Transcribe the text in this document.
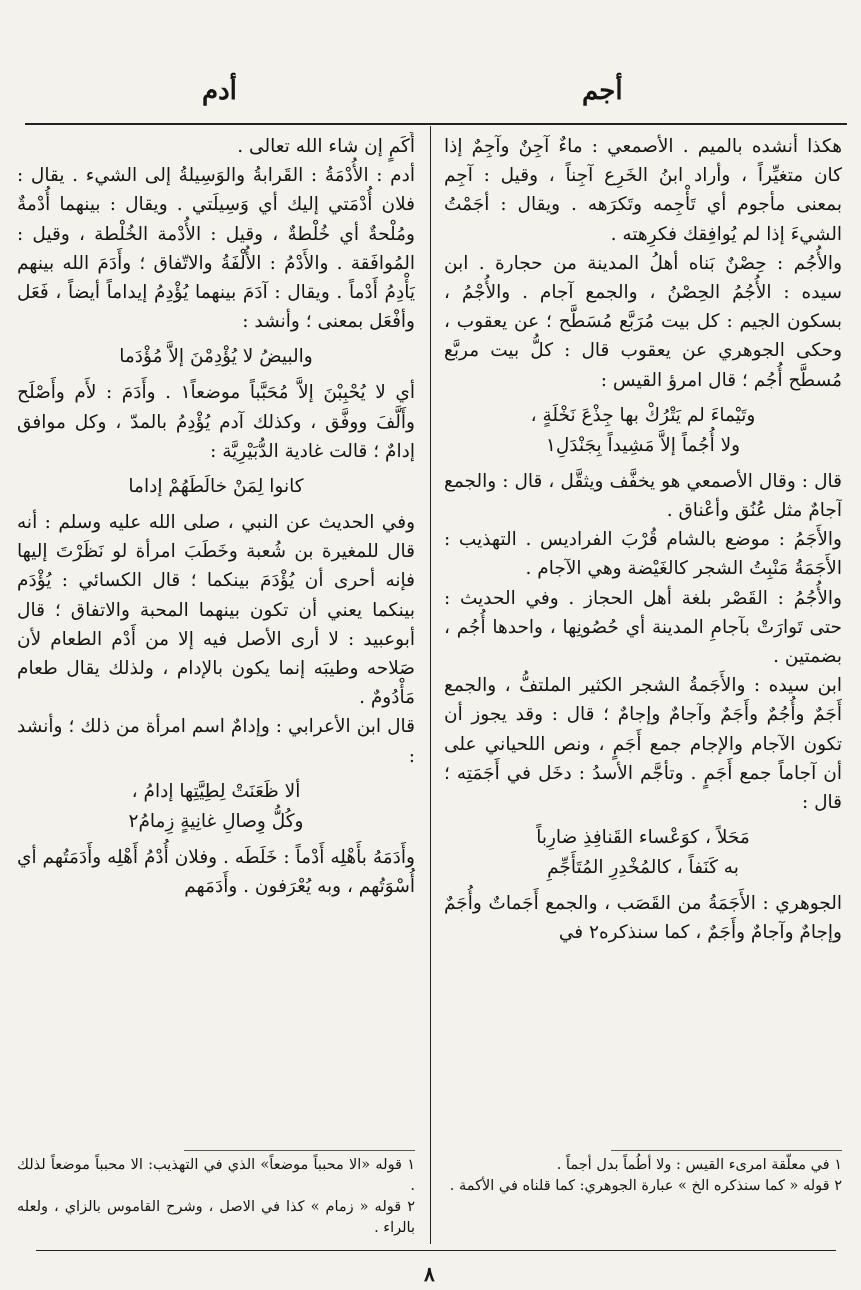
أجم
أدم

هكذا أنشده بالميم . الأصمعي : ماءٌ آجِنٌ وآجِمٌ إذا كان متغيِّراً ، وأراد ابنُ الخَرِع آجِناً ، وقيل : آجِم بمعنى مأجوم أي تَأْجِمه وتَكرَهه . ويقال : أجَمْتُ الشيءَ إذا لم يُوافِقك فكرِهته .

والأُجُم : حِصْنٌ بَناه أهلُ المدينة من حجارة . ابن سيده : الأُجُمُ الحِصْنُ ، والجمع آجام . والأُجْمُ ، بسكون الجيم : كل بيت مُرَبَّع مُسَطَّح ؛ عن يعقوب ، وحكى الجوهري عن يعقوب قال : كلُّ بيت مربَّع مُسطَّح أُجُم ؛ قال امرؤ القيس :

وتَيْماءَ لم يَتْرُكْ بها جِذْعَ نَخْلَةٍ ،
ولا أُجُماً إلاَّ مَشِيداً بِجَنْدَلِ١

قال : وقال الأصمعي هو يخفَّف ويثقَّل ، قال : والجمع آجامٌ مثل عُنُق وأعْناق .

والأَجَمُ : موضع بالشام قُرْبَ الفراديس . التهذيب : الأَجَمَةُ مَنْبِتُ الشجر كالغَيْضة وهي الآجام .

والأُجُمُ : القَصْر بلغة أهل الحجاز . وفي الحديث : حتى تَوارَتْ بآجامِ المدينة أي حُصُونِها ، واحدها أُجُم ، بضمتين .

ابن سيده : والأَجَمةُ الشجر الكثير الملتفُّ ، والجمع أَجَمٌ وأُجُمٌ وأَجَمٌ وآجامٌ وإجامٌ ؛ قال : وقد يجوز أن تكون الآجام والإجام جمع أَجَمٍ ، ونص اللحياني على أن آجاماً جمع أَجَمٍ . وتأجَّم الأسدُ : دخَل في أَجَمَتِه ؛ قال :

مَحَلاً ، كوَعْساء القَنافِذِ ضارِباً
به كَنَفاً ، كالمُخْدِرِ المُتَأَجِّمِ

الجوهري : الأَجَمَةُ من القَصَب ، والجمع أَجَماتٌ وأُجَمٌ وإجامٌ وآجامٌ وأَجَمٌ ، كما سنذكره٢ في

١ في معلّقة امرىء القيس : ولا أطُماً بدل أجماً .
٢ قوله « كما سنذكره الخ » عبارة الجوهري: كما قلناه في الأكمة .

أَكَمٍ إن شاء الله تعالى .

أدم : الأُدْمَةُ : القَرابةُ والوَسِيلةُ إلى الشيء . يقال : فلان أُدْمَتي إليك أي وَسِيلَتي . ويقال : بينهما أُدْمةٌ ومُلْحةٌ أي خُلْطةٌ ، وقيل : الأُدْمة الخُلْطة ، وقيل : المُوافَقة . والأَدْمُ : الأُلْفَةُ والاتّفاق ؛ وأَدَمَ الله بينهم يَأْدِمُ أَدْماً . ويقال : آدَمَ بينهما يُؤْدِمُ إيداماً أيضاً ، فَعَل وأفْعَل بمعنى ؛ وأنشد :

والبيضُ لا يُؤْدِمْنَ إلاَّ مُؤْدَما

أي لا يُحْبِبْنَ إلاَّ مُحَبَّباً موضعاً١ . وأَدَمَ : لأَم وأَصْلَح وأَلَّفَ ووفَّق ، وكذلك آدم يُؤْدِمُ بالمدّ ، وكل موافق إدامٌ ؛ قالت غادية الدُّبَيْرِيَّة :

كانوا لِمَنْ خالَطَهُمْ إداما

وفي الحديث عن النبي ، صلى الله عليه وسلم : أنه قال للمغيرة بن شُعبة وخَطَبَ امرأة لو نَظَرْتَ إليها فإنه أحرى أن يُؤْدَمَ بينكما ؛ قال الكسائي : يُؤْدَم بينكما يعني أن تكون بينهما المحبة والاتفاق ؛ قال أبوعبيد : لا أرى الأصل فيه إلا من أَدْم الطعام لأن صَلاحه وطيبَه إنما يكون بالإدام ، ولذلك يقال طعام مَأْدُومٌ .

قال ابن الأعرابي : وإدامٌ اسم امرأة من ذلك ؛ وأنشد :

ألا ظَعَنَتْ لِطِيَّتِها إدامُ ،
وكُلُّ وِصالِ غانِيةٍ زِمامُ٢

وأَدَمَهُ بأَهْلِه أَدْماً : خَلَطَه . وفلان أُدْمُ أَهْلِه وأَدَمَتُهم أي أُسْوَتُهم ، وبه يُعْرَفون . وأَدَمَهم

١ قوله «الا محبباً موضعاً» الذي في التهذيب: الا محبباً موضعاً لذلك .
٢ قوله « زمام » كذا في الاصل ، وشرح القاموس بالزاي ، ولعله بالراء .
٨
